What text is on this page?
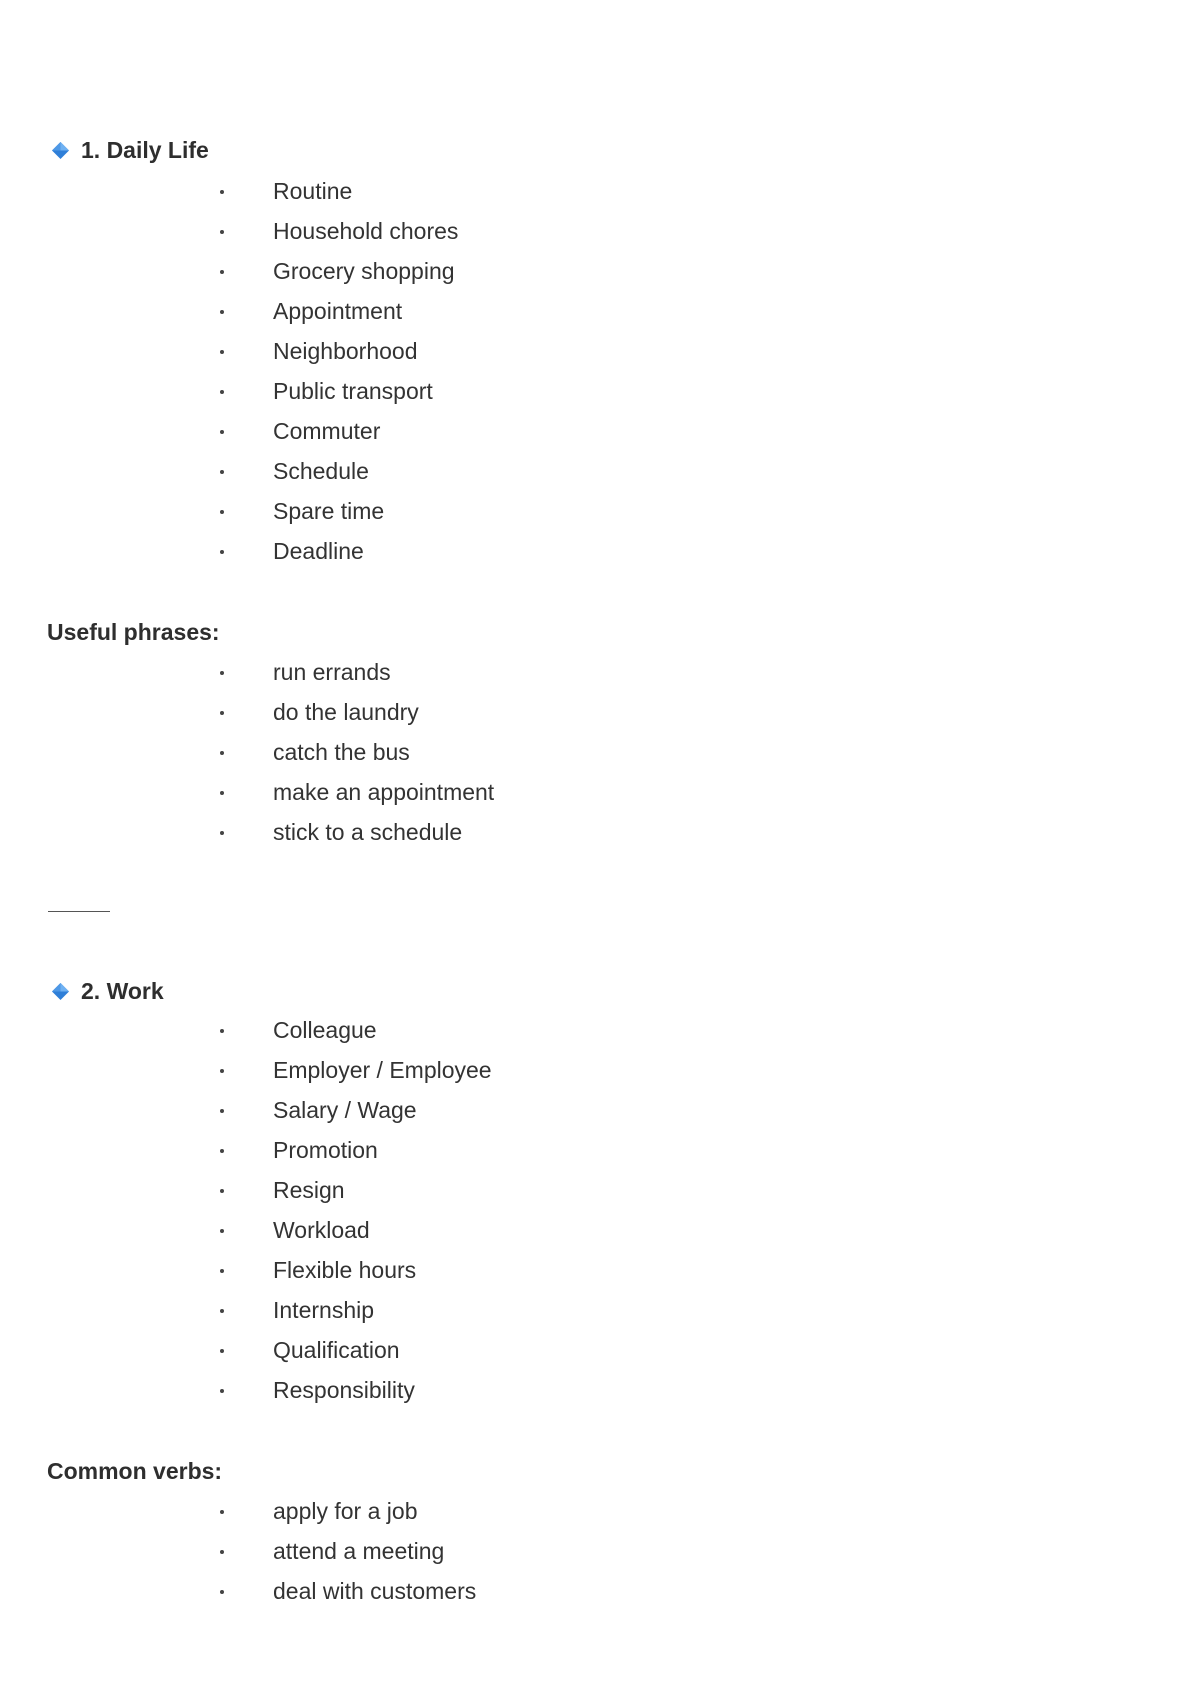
1. Daily Life
Routine
Household chores
Grocery shopping
Appointment
Neighborhood
Public transport
Commuter
Schedule
Spare time
Deadline
Useful phrases:
run errands
do the laundry
catch the bus
make an appointment
stick to a schedule
2. Work
Colleague
Employer / Employee
Salary / Wage
Promotion
Resign
Workload
Flexible hours
Internship
Qualification
Responsibility
Common verbs:
apply for a job
attend a meeting
deal with customers
